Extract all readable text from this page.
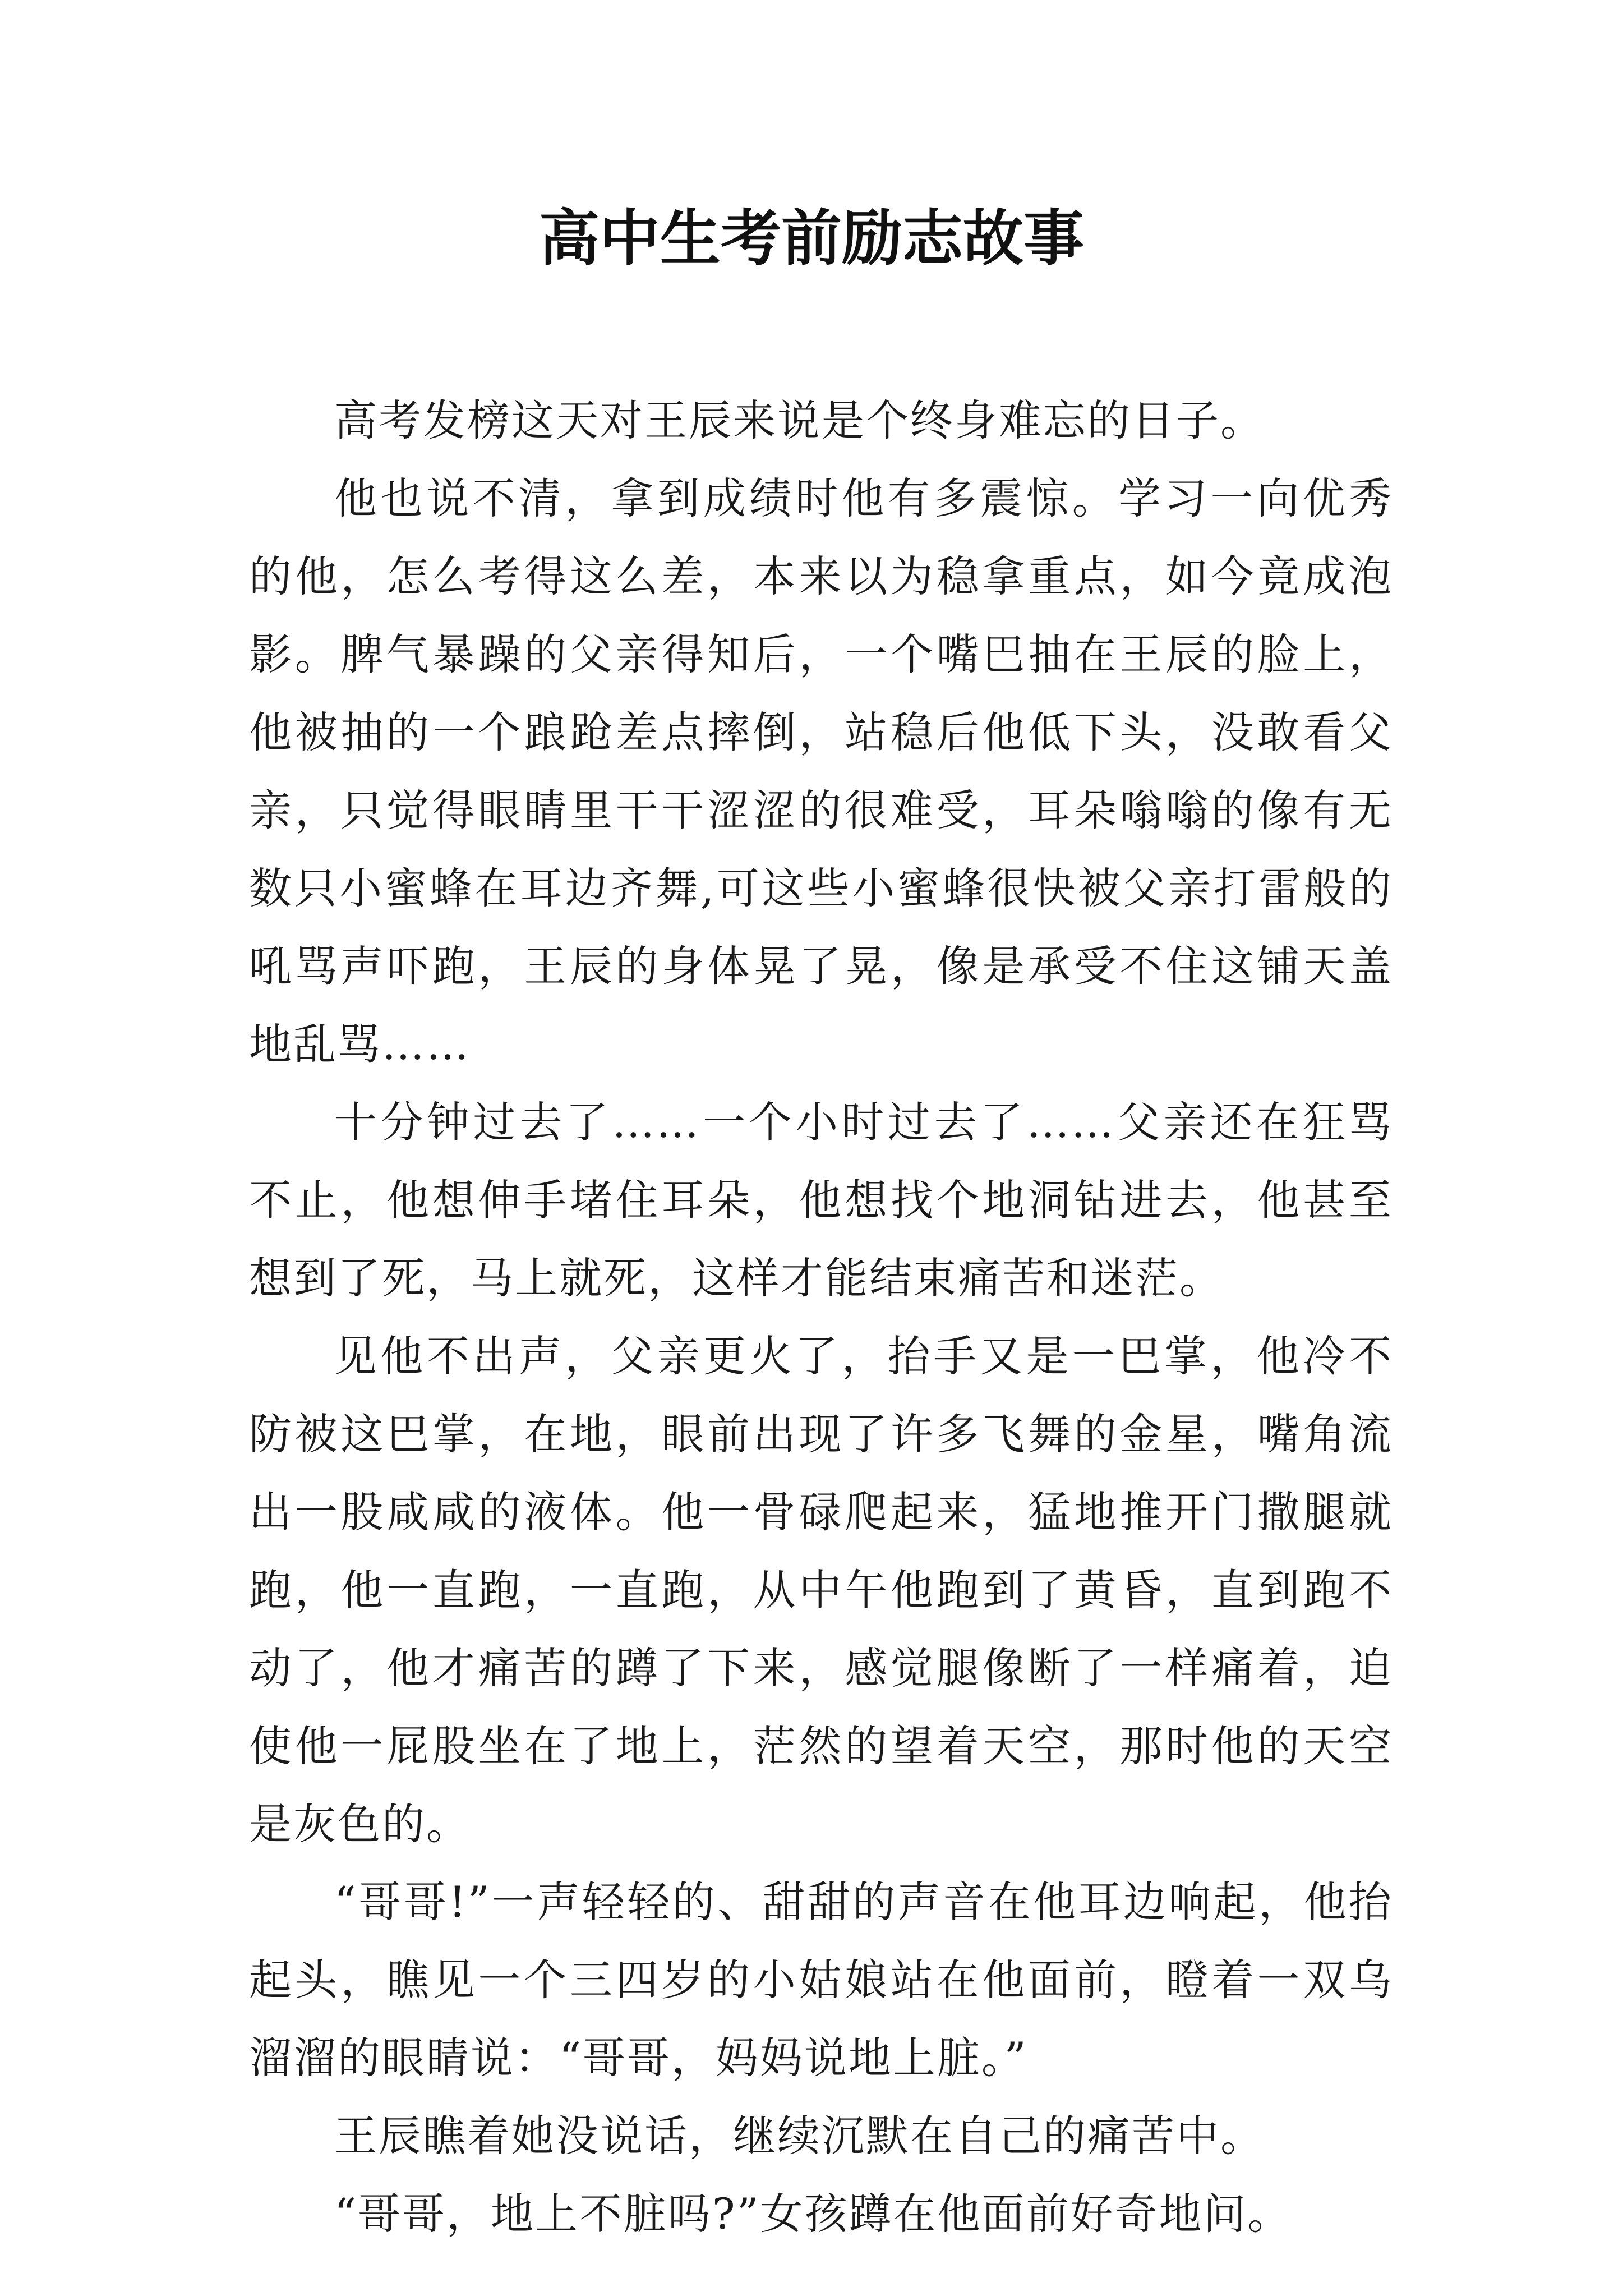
高中生考前励志故事

高考发榜这天对王辰来说是个终身难忘的日子。

他也说不清，拿到成绩时他有多震惊。学习一向优秀的他，怎么考得这么差，本来以为稳拿重点，如今竟成泡影。脾气暴躁的父亲得知后，一个嘴巴抽在王辰的脸上，他被抽的一个踉跄差点摔倒，站稳后他低下头，没敢看父亲，只觉得眼睛里干干涩涩的很难受，耳朵嗡嗡的像有无数只小蜜蜂在耳边齐舞,可这些小蜜蜂很快被父亲打雷般的吼骂声吓跑，王辰的身体晃了晃，像是承受不住这铺天盖地乱骂……

十分钟过去了……一个小时过去了……父亲还在狂骂不止，他想伸手堵住耳朵，他想找个地洞钻进去，他甚至想到了死，马上就死，这样才能结束痛苦和迷茫。

见他不出声，父亲更火了，抬手又是一巴掌，他冷不防被这巴掌，在地，眼前出现了许多飞舞的金星，嘴角流出一股咸咸的液体。他一骨碌爬起来，猛地推开门撒腿就跑，他一直跑，一直跑，从中午他跑到了黄昏，直到跑不动了，他才痛苦的蹲了下来，感觉腿像断了一样痛着，迫使他一屁股坐在了地上，茫然的望着天空，那时他的天空是灰色的。

“哥哥!”一声轻轻的、甜甜的声音在他耳边响起，他抬起头，瞧见一个三四岁的小姑娘站在他面前，瞪着一双乌溜溜的眼睛说：“哥哥，妈妈说地上脏。”

王辰瞧着她没说话，继续沉默在自己的痛苦中。

“哥哥，地上不脏吗?”女孩蹲在他面前好奇地问。
